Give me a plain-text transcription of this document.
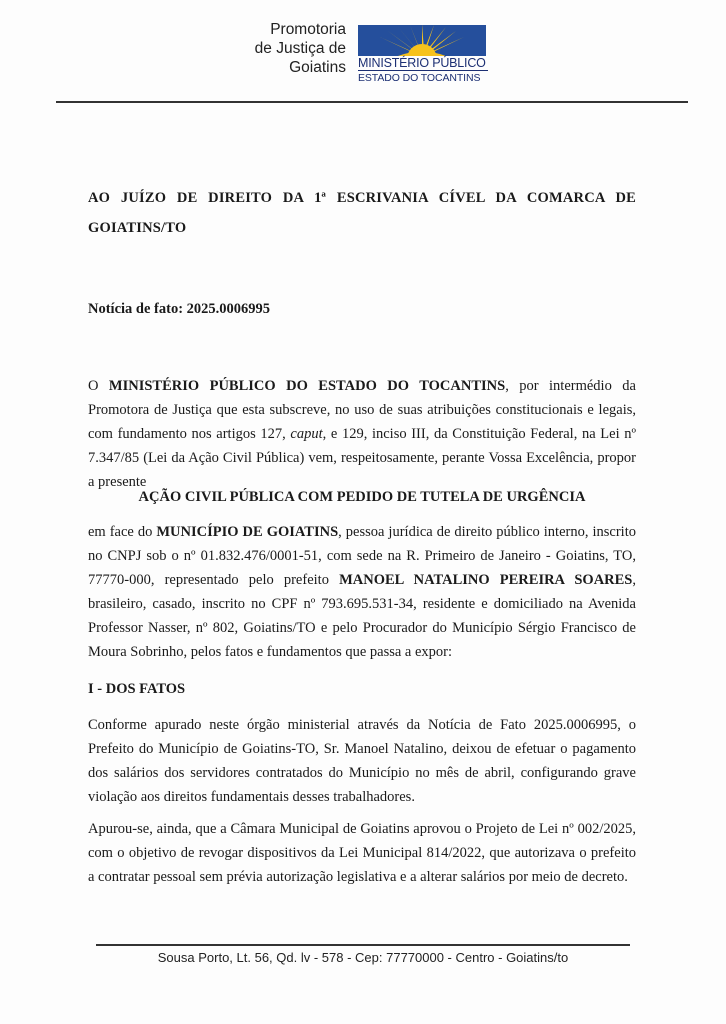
Promotoria
de Justiça de
Goiatins MINISTÉRIO PÚBLICO
ESTADO DO TOCANTINS
AO JUÍZO DE DIREITO DA 1ª ESCRIVANIA CÍVEL DA COMARCA DE GOIATINS/TO
Notícia de fato: 2025.0006995
O MINISTÉRIO PÚBLICO DO ESTADO DO TOCANTINS, por intermédio da Promotora de Justiça que esta subscreve, no uso de suas atribuições constitucionais e legais, com fundamento nos artigos 127, caput, e 129, inciso III, da Constituição Federal, na Lei nº 7.347/85 (Lei da Ação Civil Pública) vem, respeitosamente, perante Vossa Excelência, propor a presente
AÇÃO CIVIL PÚBLICA COM PEDIDO DE TUTELA DE URGÊNCIA
em face do MUNICÍPIO DE GOIATINS, pessoa jurídica de direito público interno, inscrito no CNPJ sob o nº 01.832.476/0001-51, com sede na R. Primeiro de Janeiro - Goiatins, TO, 77770-000, representado pelo prefeito MANOEL NATALINO PEREIRA SOARES, brasileiro, casado, inscrito no CPF nº 793.695.531-34, residente e domiciliado na Avenida Professor Nasser, nº 802, Goiatins/TO e pelo Procurador do Município Sérgio Francisco de Moura Sobrinho, pelos fatos e fundamentos que passa a expor:
I - DOS FATOS
Conforme apurado neste órgão ministerial através da Notícia de Fato 2025.0006995, o Prefeito do Município de Goiatins-TO, Sr. Manoel Natalino, deixou de efetuar o pagamento dos salários dos servidores contratados do Município no mês de abril, configurando grave violação aos direitos fundamentais desses trabalhadores.
Apurou-se, ainda, que a Câmara Municipal de Goiatins aprovou o Projeto de Lei nº 002/2025, com o objetivo de revogar dispositivos da Lei Municipal 814/2022, que autorizava o prefeito a contratar pessoal sem prévia autorização legislativa e a alterar salários por meio de decreto.
Sousa Porto, Lt. 56, Qd. lv - 578 - Cep: 77770000 - Centro - Goiatins/to
